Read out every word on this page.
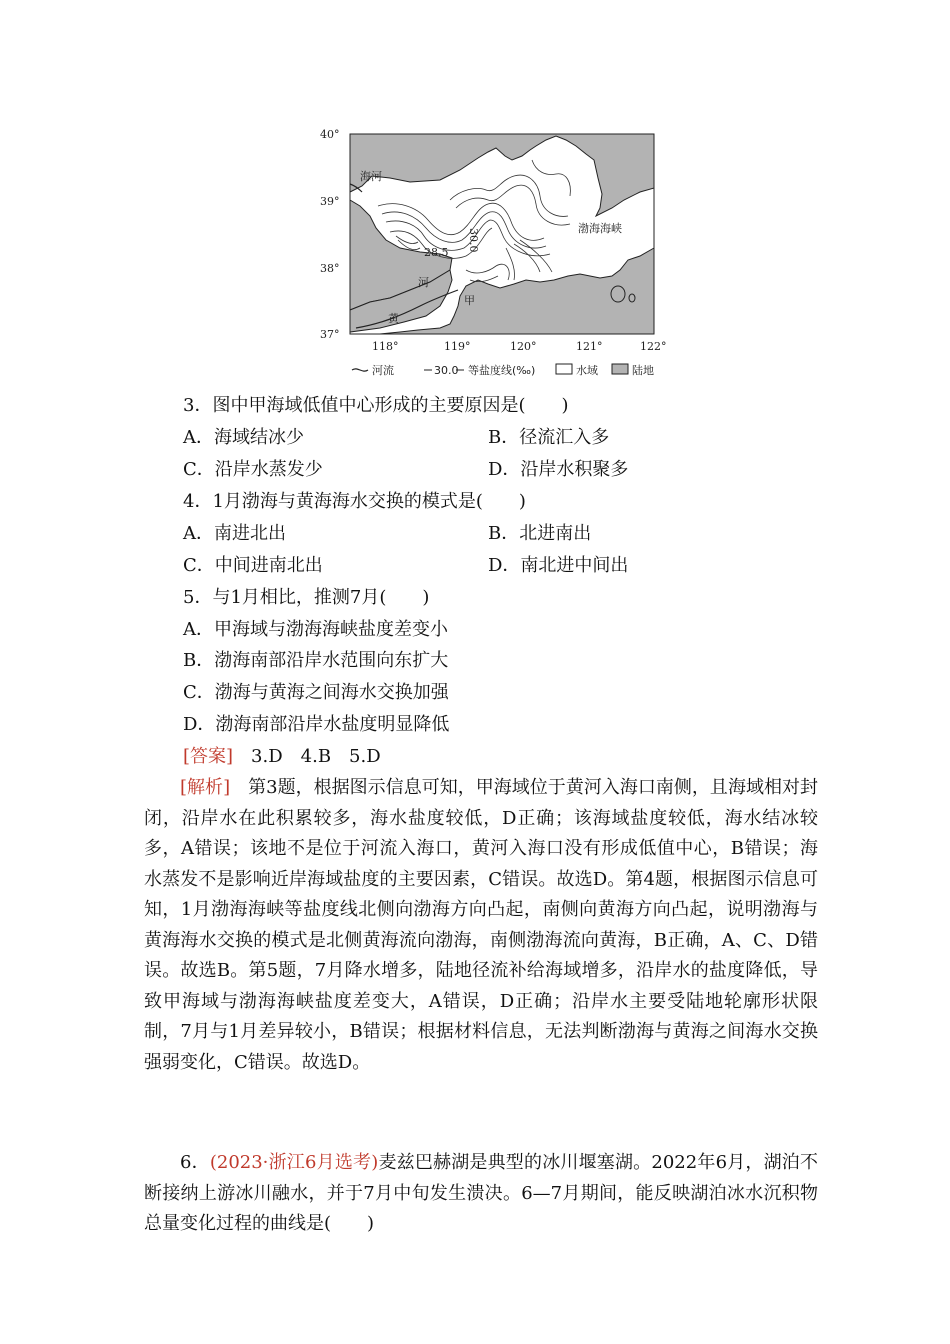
40°
39°
38°
37°
118°	119°	120°	121°	122°
海河
渤海海峡
黄
河
甲
28.5 30.0
河流	30.0 等盐度线(‰)	水域	陆地
3．图中甲海域低值中心形成的主要原因是(　　)
A．海域结冰少	B．径流汇入多
C．沿岸水蒸发少	D．沿岸水积聚多
4．1月渤海与黄海海水交换的模式是(　　)
A．南进北出	B．北进南出
C．中间进南北出	D．南北进中间出
5．与1月相比，推测7月(　　)
A．甲海域与渤海海峡盐度差变小
B．渤海南部沿岸水范围向东扩大
C．渤海与黄海之间海水交换加强
D．渤海南部沿岸水盐度明显降低
[答案]　3.D　4.B　5.D

[解析]　第3题，根据图示信息可知，甲海域位于黄河入海口南侧，且海域相对封闭，沿岸水在此积累较多，海水盐度较低，D正确；该海域盐度较低，海水结冰较多，A错误；该地不是位于河流入海口，黄河入海口没有形成低值中心，B错误；海水蒸发不是影响近岸海域盐度的主要因素，C错误。故选D。第4题，根据图示信息可知，1月渤海海峡等盐度线北侧向渤海方向凸起，南侧向黄海方向凸起，说明渤海与黄海海水交换的模式是北侧黄海流向渤海，南侧渤海流向黄海，B正确，A、C、D错误。故选B。第5题，7月降水增多，陆地径流补给海域增多，沿岸水的盐度降低，导致甲海域与渤海海峡盐度差变大，A错误，D正确；沿岸水主要受陆地轮廓形状限制，7月与1月差异较小，B错误；根据材料信息，无法判断渤海与黄海之间海水交换强弱变化，C错误。故选D。

6．(2023·浙江6月选考)麦兹巴赫湖是典型的冰川堰塞湖。2022年6月，湖泊不断接纳上游冰川融水，并于7月中旬发生溃决。6—7月期间，能反映湖泊冰水沉积物总量变化过程的曲线是(　　)
